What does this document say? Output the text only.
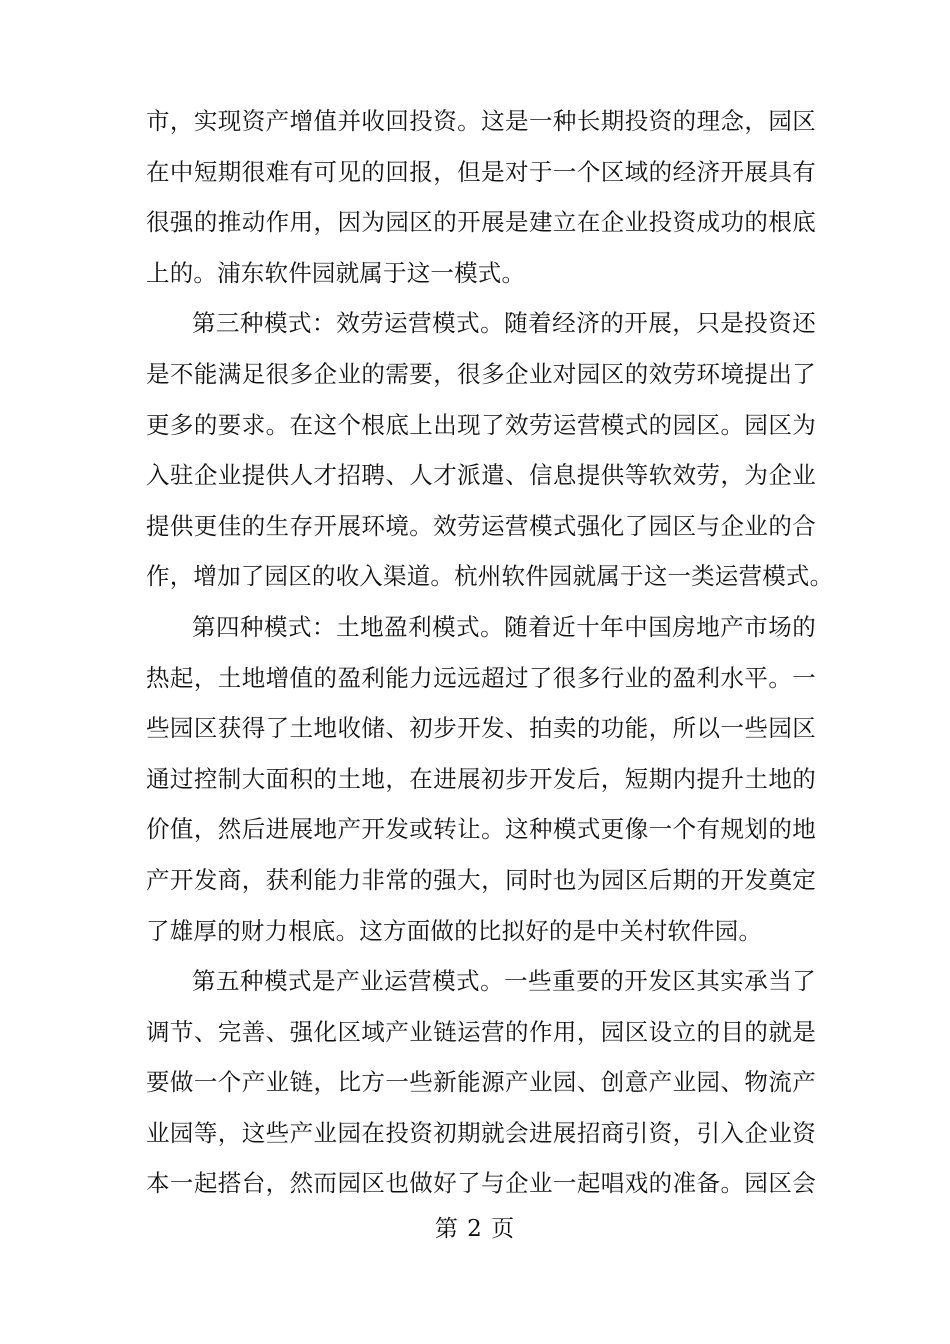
市，实现资产增值并收回投资。这是一种长期投资的理念，园区
在中短期很难有可见的回报，但是对于一个区域的经济开展具有
很强的推动作用，因为园区的开展是建立在企业投资成功的根底
上的。浦东软件园就属于这一模式。
第三种模式：效劳运营模式。随着经济的开展，只是投资还
是不能满足很多企业的需要，很多企业对园区的效劳环境提出了
更多的要求。在这个根底上出现了效劳运营模式的园区。园区为
入驻企业提供人才招聘、人才派遣、信息提供等软效劳，为企业
提供更佳的生存开展环境。效劳运营模式强化了园区与企业的合
作，增加了园区的收入渠道。杭州软件园就属于这一类运营模式。
第四种模式：土地盈利模式。随着近十年中国房地产市场的
热起，土地增值的盈利能力远远超过了很多行业的盈利水平。一
些园区获得了土地收储、初步开发、拍卖的功能，所以一些园区
通过控制大面积的土地，在进展初步开发后，短期内提升土地的
价值，然后进展地产开发或转让。这种模式更像一个有规划的地
产开发商，获利能力非常的强大，同时也为园区后期的开发奠定
了雄厚的财力根底。这方面做的比拟好的是中关村软件园。
第五种模式是产业运营模式。一些重要的开发区其实承当了
调节、完善、强化区域产业链运营的作用，园区设立的目的就是
要做一个产业链，比方一些新能源产业园、创意产业园、物流产
业园等，这些产业园在投资初期就会进展招商引资，引入企业资
本一起搭台，然而园区也做好了与企业一起唱戏的准备。园区会
第 2 页
